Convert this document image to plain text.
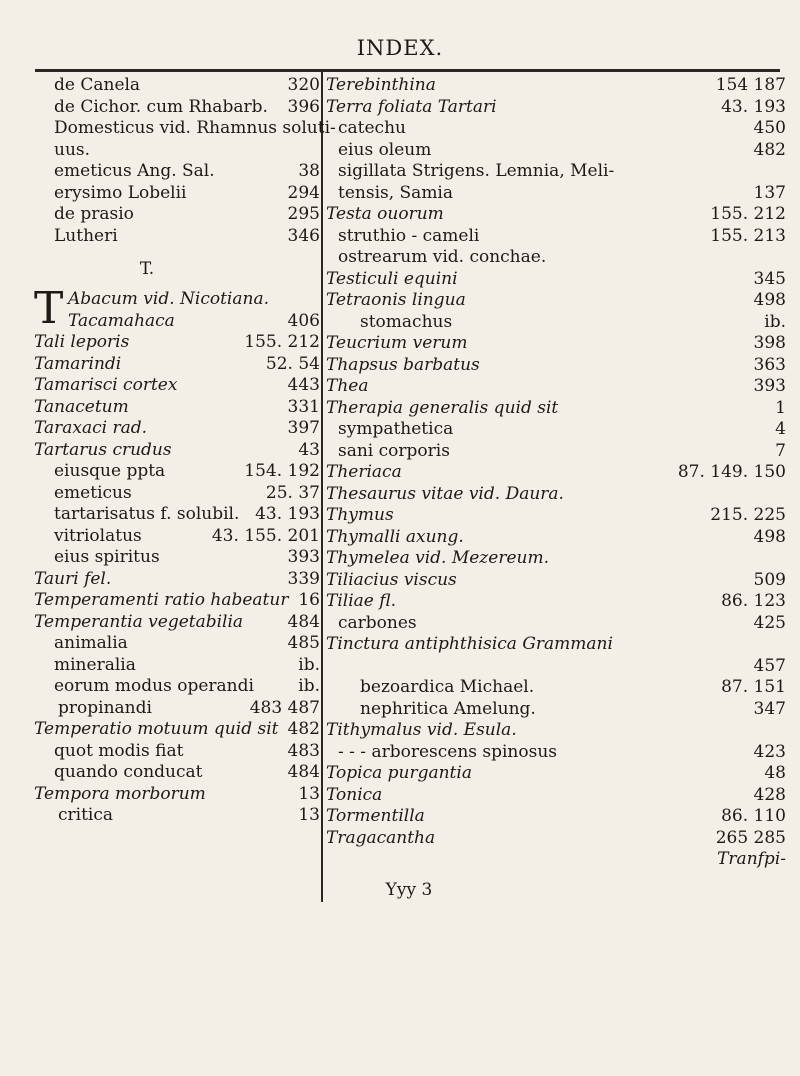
INDEX.
de Canela	320
de Cichor. cum Rhabarb. 396
Domesticus vid. Rhamnus soluti-
uus.
emeticus Ang. Sal.	38
erysimo Lobelii	294
de prasio	295
Lutheri	346
T.
T Abacum vid. Nicotiana.
Tacamahaca	406
Tali leporis	155. 212
Tamarindi	52. 54
Tamarisci cortex	443
Tanacetum	331
Taraxaci rad.	397
Tartarus crudus	43
eiusque ppta	154. 192
emeticus	25. 37
tartarisatus f. solubil. 43. 193
vitriolatus	43. 155. 201
eius spiritus	393
Tauri fel.	339
Temperamenti ratio habeatur 16
Temperantia vegetabilia	484
animalia	485
mineralia	ib.
eorum modus operandi	ib.
propinandi	483 487
Temperatio motuum quid sit 482
quot modis fiat	483
quando conducat	484
Tempora morborum	13
critica	13
Terebinthina	154 187
Terra foliata Tartari	43. 193
catechu	450
eius oleum	482
sigillata Strigens. Lemnia, Meli-
tensis, Samia	137
Testa ouorum	155. 212
struthio - cameli	155. 213
ostrearum vid. conchae.
Testiculi equini	345
Tetraonis lingua	498
stomachus	ib.
Teucrium verum	398
Thapsus barbatus	363
Thea	393
Therapia generalis quid sit	1
sympathetica	4
sani corporis	7
Theriaca	87. 149. 150
Thesaurus vitae vid. Daura.
Thymus	215. 225
Thymalli axung.	498
Thymelea vid. Mezereum.
Tiliacius viscus	509
Tiliae fl.	86. 123
carbones	425
Tinctura antiphthisica Grammani
457
bezoardica Michael.	87. 151
nephritica Amelung.	347
Tithymalus vid. Esula.
- - - arborescens spinosus	423
Topica purgantia	48
Tonica	428
Tormentilla	86. 110
Tragacantha	265 285
Tranfpi-
Yyy 3
